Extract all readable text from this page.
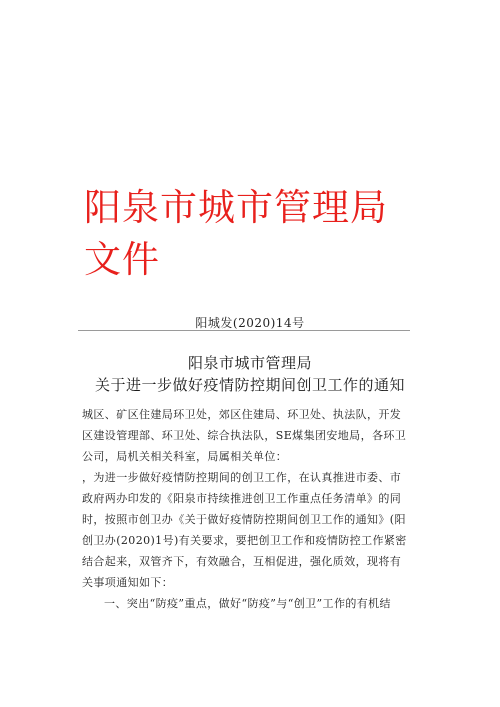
阳泉市城市管理局文件
阳城发(2020)14号
阳泉市城市管理局
关于进一步做好疫情防控期间创卫工作的通知

城区、矿区住建局环卫处，郊区住建局、环卫处、执法队，开发区建设管理部、环卫处、综合执法队，SE煤集团安地局，各环卫公司，局机关相关科室，局属相关单位：

，为进一步做好疫情防控期间的创卫工作，在认真推进市委、市政府两办印发的《阳泉市持续推进创卫工作重点任务清单》的同时，按照市创卫办《关于做好疫情防控期间创卫工作的通知》(阳创卫办(2020)1号)有关要求，要把创卫工作和疫情防控工作紧密结合起来，双管齐下，有效融合，互相促进，强化质效，现将有关事项通知如下：

一、突出“防疫”重点，做好“防疫”与“创卫”工作的有机结
